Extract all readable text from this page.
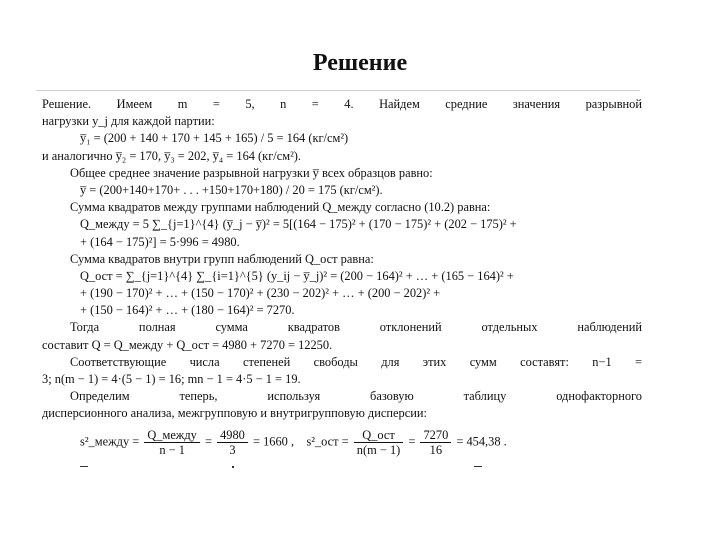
Решение
Решение. Имеем m = 5, n = 4. Найдем средние значения разрывной
нагрузки y_j для каждой партии:
y̅₁ = (200 + 140 + 170 + 145 + 165) / 5 = 164 (кг/см²)
и аналогично y̅₂ = 170, y̅₃ = 202, y̅₄ = 164 (кг/см²).
Общее среднее значение разрывной нагрузки y̅ всех образцов равно:
y̅ = (200+140+170+ . . . +150+170+180) / 20 = 175 (кг/см²).
Сумма квадратов между группами наблюдений Q_между согласно (10.2) равна:
Q_между = 5 ∑_{j=1}^{4} (y̅_j − y̅)² = 5[(164 − 175)² + (170 − 175)² + (202 − 175)² +
+ (164 − 175)²] = 5·996 = 4980.
Сумма квадратов внутри групп наблюдений Q_ост равна:
Q_ост = ∑_{j=1}^{4} ∑_{i=1}^{5} (y_ij − y̅_j)² = (200 − 164)² + … + (165 − 164)² +
+ (190 − 170)² + … + (150 − 170)² + (230 − 202)² + … + (200 − 202)² +
+ (150 − 164)² + … + (180 − 164)² = 7270.
Тогда полная сумма квадратов отклонений отдельных наблюдений
составит Q = Q_между + Q_ост = 4980 + 7270 = 12250.
Соответствующие числа степеней свободы для этих сумм составят: n−1 =
3; n(m − 1) = 4·(5 − 1) = 16; mn − 1 = 4·5 − 1 = 19.
Определим теперь, используя базовую таблицу однофакторного
дисперсионного анализа, межгрупповую и внутригрупповую дисперсии:
s²_между = $\frac{\text{Q\_между}}{n - 1} = \frac{4980}{3} = 1660$ , s²_ост = $\frac{\text{Q\_ост}}{n(m - 1)} = \frac{7270}{16} = 454,38$ .
